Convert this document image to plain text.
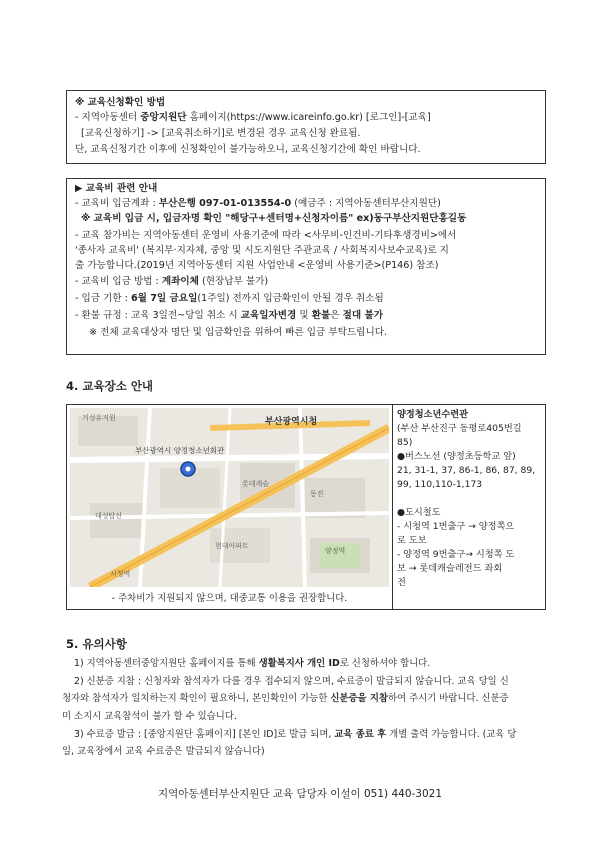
※ 교육신청확인 방법
- 지역아동센터 중앙지원단 홈페이지(https://www.icareinfo.go.kr) [로그인]-[교육]
[교육신청하기] -> [교육취소하기]로 변경된 경우 교육신청 완료됨.
단, 교육신청기간 이후에 신청확인이 불가능하오니, 교육신청기간에 확인 바랍니다.
▶ 교육비 관련 안내
- 교육비 입금계좌 : 부산은행 097-01-013554-0 (예금주 : 지역아동센터부산지원단)
※ 교육비 입금 시, 입금자명 확인 "해당구+센터명+신청자이름" ex)동구부산지원단홍길동
- 교육 참가비는 지역아동센터 운영비 사용기준에 따라 <사무비-인건비-기타후생경비>에서
'종사자 교육비' (복지부·지자체, 중앙 및 시도지원단 주관교육 / 사회복지사보수교육)로 지
출 가능합니다.(2019년 지역아동센터 지원 사업안내 <운영비 사용기준>(P146) 참조)
- 교육비 입금 방법 : 계좌이체 (현장납부 불가)
- 입금 기한 : 6월 7일 금요일(1주일) 전까지 입금확인이 안될 경우 취소됨
- 환불 규정 : 교육 3일전~당일 취소 시 교육일자변경 및 환불은 절대 불가
※ 전체 교육대상자 명단 및 입금확인을 위하여 빠른 입금 부탁드립니다.
4. 교육장소 안내
부산광역시청
부산광역시 양정청소년회관
롯데캐슬
양정역
시청역
거성유지원
대성탑선
동진
현대아파트
- 주차비가 지원되지 않으며, 대중교통 이용을 권장합니다.
양정청소년수련관
(부산 부산진구 동평로405번길
85)
●버스노선 (양정초등학교 앞)
21, 31-1, 37, 86-1, 86, 87, 89,
99, 110,110-1,173
●도시철도
- 시청역 1번출구 → 양정쪽으
로 도보
- 양정역 9번출구→ 시청쪽 도
보 → 롯데캐슬레전드 좌회
전
5. 유의사항
1) 지역아동센터중앙지원단 홈페이지를 통해 생활복지사 개인 ID로 신청하셔야 합니다.
2) 신분증 지참 : 신청자와 참석자가 다를 경우 접수되지 않으며, 수료증이 발급되지 않습니다. 교육 당일 신
청자와 참석자가 일치하는지 확인이 필요하니, 본인확인이 가능한 신분증을 지참하여 주시기 바랍니다. 신분증
미 소지시 교육참석이 불가 할 수 있습니다.
3) 수료증 발급 : [중앙지원단 홈페이지] [본인 ID]로 발급 되며, 교육 종료 후 개별 출력 가능합니다. (교육 당
일, 교육장에서 교육 수료증은 발급되지 않습니다)
지역아동센터부산지원단 교육 담당자 이설이 051) 440-3021
